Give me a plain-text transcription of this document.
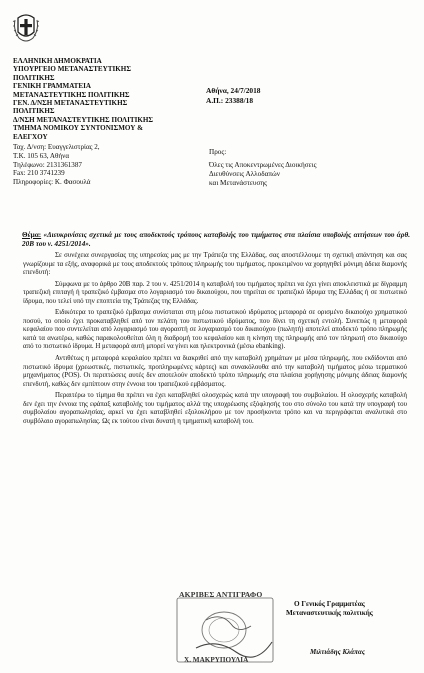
ΕΛΛΗΝΙΚΗ ΔΗΜΟΚΡΑΤΙΑ
ΥΠΟΥΡΓΕΙΟ ΜΕΤΑΝΑΣΤΕΥΤΙΚΗΣ
ΠΟΛΙΤΙΚΗΣ
ΓΕΝΙΚΗ ΓΡΑΜΜΑΤΕΙΑ
ΜΕΤΑΝΑΣΤΕΥΤΙΚΗΣ ΠΟΛΙΤΙΚΗΣ
ΓΕΝ. Δ/ΝΣΗ ΜΕΤΑΝΑΣΤΕΥΤΙΚΗΣ
ΠΟΛΙΤΙΚΗΣ
Δ/ΝΣΗ ΜΕΤΑΝΑΣΤΕΥΤΙΚΗΣ ΠΟΛΙΤΙΚΗΣ
ΤΜΗΜΑ ΝΟΜΙΚΟΥ ΣΥΝΤΟΝΙΣΜΟΥ &
ΕΛΕΓΧΟΥ
Ταχ. Δ/νση: Ευαγγελιστρίας 2,
Τ.Κ. 105 63, Αθήνα
Τηλέφωνο: 2131361387
Fax: 210 3741239
Πληροφορίες: Κ. Φασουλά
Αθήνα, 24/7/2018
Α.Π.: 23388/18
Προς:
Όλες τις Αποκεντρωμένες Διοικήσεις
Διευθύνσεις Αλλοδαπών
και Μετανάστευσης
Θέμα: «Διευκρινίσεις σχετικά με τους αποδεκτούς τρόπους καταβολής του τιμήματος στα πλαίσια υποβολής αιτήσεων του άρθ. 20Β του ν. 4251/2014».

Σε συνέχεια συνεργασίας της υπηρεσίας μας με την Τράπεζα της Ελλάδας, σας αποστέλλουμε τη σχετική απάντηση και σας γνωρίζουμε τα εξής, αναφορικά με τους αποδεκτούς τρόπους πληρωμής του τιμήματος, προκειμένου να χορηγηθεί μόνιμη άδεια διαμονής επενδυτή:

Σύμφωνα με το άρθρο 20Β παρ. 2 του ν. 4251/2014 η καταβολή του τιμήματος πρέπει να έχει γίνει αποκλειστικά με δίγραμμη τραπεζική επιταγή ή τραπεζικό έμβασμα στο λογαριασμό του δικαιούχου, που τηρείται σε τραπεζικό ίδρυμα της Ελλάδας ή σε πιστωτικό ίδρυμα, που τελεί υπό την εποπτεία της Τράπεζας της Ελλάδας.

Ειδικότερα το τραπεζικό έμβασμα συνίσταται στη μέσω πιστωτικού ιδρύματος μεταφορά σε ορισμένο δικαιούχο χρηματικού ποσού, το οποίο έχει προκαταβληθεί από τον πελάτη του πιστωτικού ιδρύματος, που δίνει τη σχετική εντολή. Συνεπώς η μεταφορά κεφαλαίου που συντελείται από λογαριασμό του αγοραστή σε λογαριασμό του δικαιούχου (πωλητή) αποτελεί αποδεκτό τρόπο πληρωμής κατά τα ανωτέρω, καθώς παρακολουθείται όλη η διαδρομή του κεφαλαίου και η κίνηση της πληρωμής από τον πληρωτή στο δικαιούχο από το πιστωτικό ίδρυμα. Η μεταφορά αυτή μπορεί να γίνει και ηλεκτρονικά (μέσω ebanking).

Αντιθέτως η μεταφορά κεφαλαίου πρέπει να διακριθεί από την καταβολή χρημάτων με μέσα πληρωμής, που εκδίδονται από πιστωτικό ίδρυμα (χρεωστικές, πιστωτικές, προπληρωμένες κάρτες) και συνακόλουθα από την καταβολή τιμήματος μέσω τερματικού μηχανήματος (POS). Οι περιπτώσεις αυτές δεν αποτελούν αποδεκτό τρόπο πληρωμής στα πλαίσια χορήγησης μόνιμης άδειας διαμονής επενδυτή, καθώς δεν εμπίπτουν στην έννοια του τραπεζικού εμβάσματος.

Περαιτέρω το τίμημα θα πρέπει να έχει καταβληθεί ολοσχερώς κατά την υπογραφή του συμβολαίου. Η ολοσχερής καταβολή δεν έχει την έννοια της εφάπαξ καταβολής του τιμήματος αλλά της υποχρέωσης εξόφλησής του στο σύνολο του κατά την υπογραφή του συμβολαίου αγοραπωλησίας, αρκεί να έχει καταβληθεί εξολοκλήρου με τον προσήκοντα τρόπο και να περιγράφεται αναλυτικά στο συμβόλαιο αγοραπωλησίας. Ως εκ τούτου είναι δυνατή η τμηματική καταβολή του.

ΑΚΡΙΒΕΣ ΑΝΤΙΓΡΑΦΟ
Χ. ΜΑΚΡΥΠΟΥΛΙΑ
Ο Γενικός Γραμματέας
Μεταναστευτικής πολιτικής
Μιλτιάδης Κλάπας
